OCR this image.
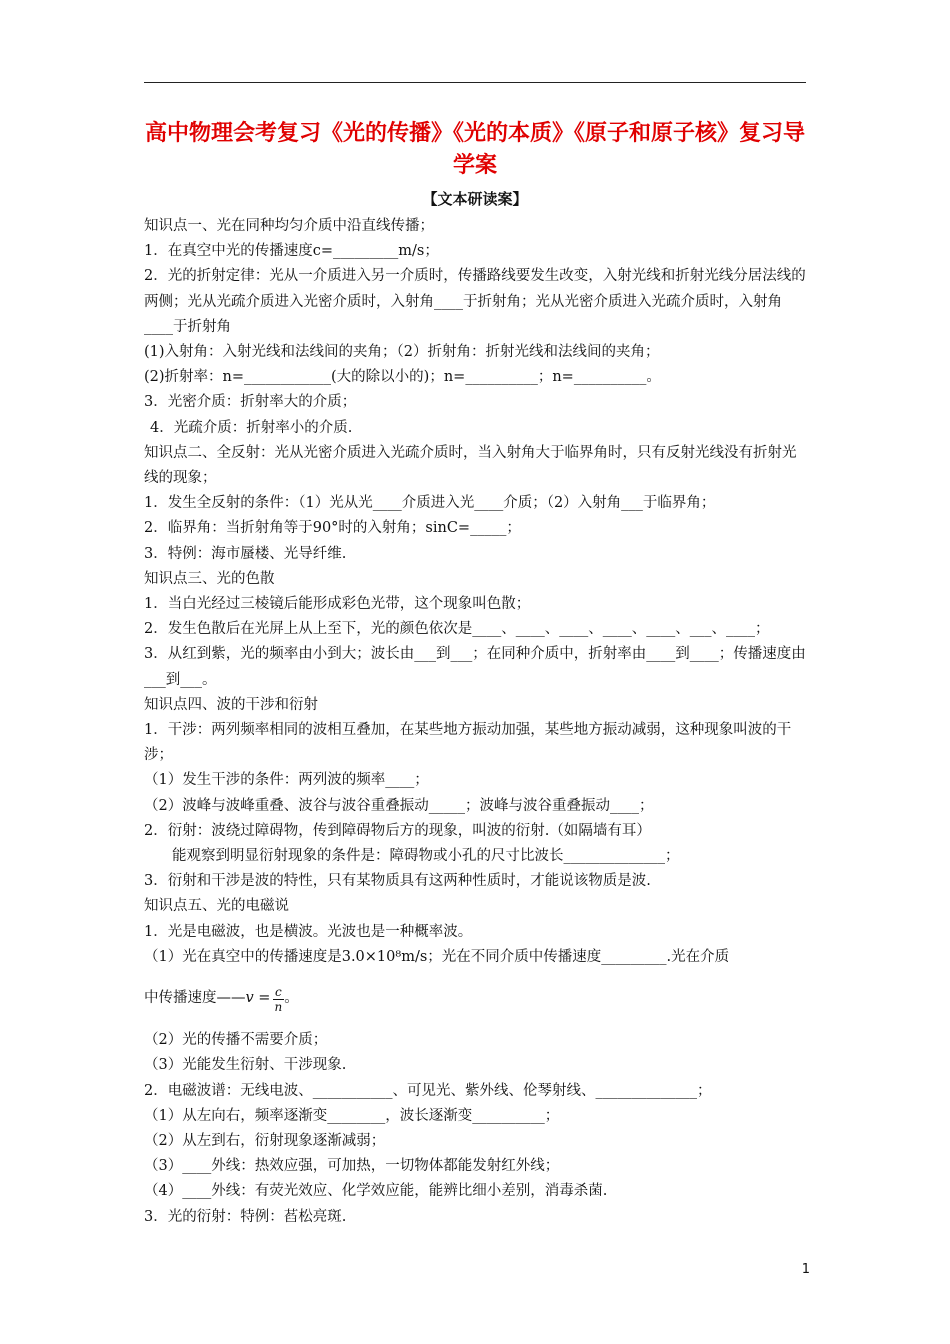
高中物理会考复习《光的传播》《光的本质》《原子和原子核》复习导学案
【文本研读案】
知识点一、光在同种均匀介质中沿直线传播；
1．在真空中光的传播速度c=_________m/s；
2．光的折射定律：光从一介质进入另一介质时，传播路线要发生改变，入射光线和折射光线分居法线的两侧；光从光疏介质进入光密介质时，入射角____于折射角；光从光密介质进入光疏介质时，入射角____于折射角
(1)入射角：入射光线和法线间的夹角；（2）折射角：折射光线和法线间的夹角；
(2)折射率：n=____________(大的除以小的)；n=__________；n=__________。
3．光密介质：折射率大的介质；
4．光疏介质：折射率小的介质.
知识点二、全反射：光从光密介质进入光疏介质时，当入射角大于临界角时，只有反射光线没有折射光线的现象；
1．发生全反射的条件：（1）光从光____介质进入光____介质；（2）入射角___于临界角；
2．临界角：当折射角等于90°时的入射角；sinC=_____；
3．特例：海市蜃楼、光导纤维.
知识点三、光的色散
1．当白光经过三棱镜后能形成彩色光带，这个现象叫色散；
2．发生色散后在光屏上从上至下，光的颜色依次是____、____、____、____、____、___、____；
3．从红到紫，光的频率由小到大；波长由___到___；在同种介质中，折射率由____到____；传播速度由___到___。
知识点四、波的干涉和衍射
1．干涉：两列频率相同的波相互叠加，在某些地方振动加强，某些地方振动减弱，这种现象叫波的干涉；
（1）发生干涉的条件：两列波的频率____；
（2）波峰与波峰重叠、波谷与波谷重叠振动_____；波峰与波谷重叠振动____；
2．衍射：波绕过障碍物，传到障碍物后方的现象，叫波的衍射.（如隔墙有耳）
能观察到明显衍射现象的条件是：障碍物或小孔的尺寸比波长______________；
3．衍射和干涉是波的特性，只有某物质具有这两种性质时，才能说该物质是波.
知识点五、光的电磁说
1．光是电磁波，也是横波。光波也是一种概率波。
（1）光在真空中的传播速度是3.0×10⁸m/s；光在不同介质中传播速度_________.光在介质
中传播速度—— $v = \frac{c}{n}$ 。
（2）光的传播不需要介质；
（3）光能发生衍射、干涉现象.
2．电磁波谱：无线电波、___________、可见光、紫外线、伦琴射线、______________；
（1）从左向右，频率逐渐变________，波长逐渐变__________；
（2）从左到右，衍射现象逐渐减弱；
（3）____外线：热效应强，可加热，一切物体都能发射红外线；
（4）____外线：有荧光效应、化学效应能，能辨比细小差别，消毒杀菌.
3．光的衍射：特例：萏松亮斑.
1
